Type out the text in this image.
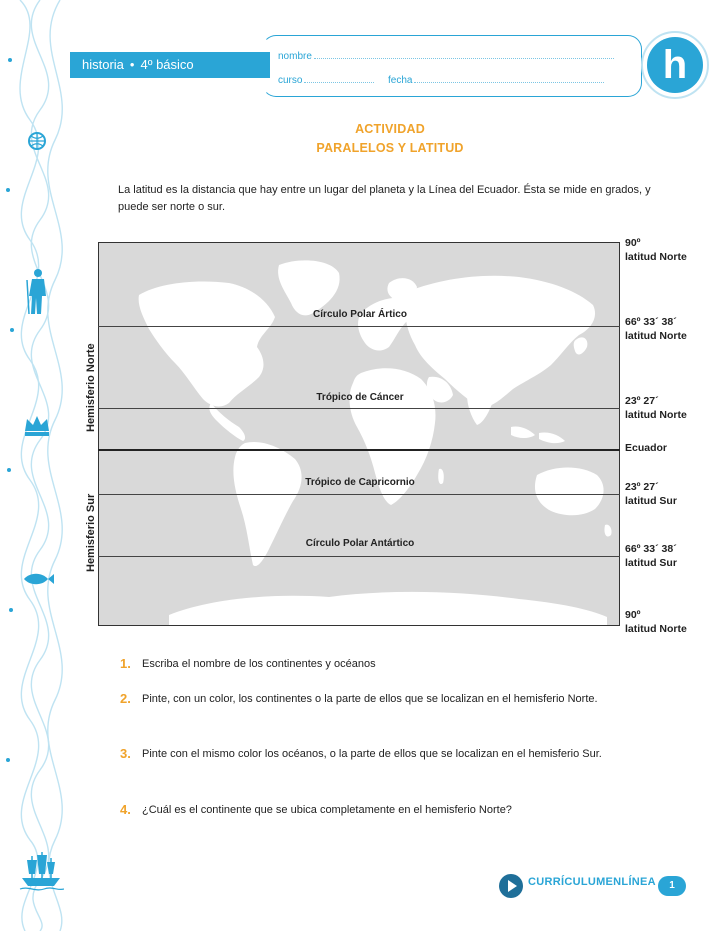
historia • 4º básico
nombre
curso	fecha	h
ACTIVIDAD
PARALELOS Y LATITUD
La latitud es la distancia que hay entre un lugar del planeta y la Línea del Ecuador. Ésta se mide en grados, y puede ser norte o sur.
Círculo Polar Ártico
Trópico de Cáncer
Trópico de Capricornio
Círculo Polar Antártico
90º
latitud Norte
66º 33´ 38´
latitud Norte
23º 27´
latitud Norte
Ecuador
23º 27´
latitud Sur
66º 33´ 38´
latitud Sur
90º
latitud Norte
Hemisferio Norte
Hemisferio Sur
1.	Escriba el nombre de los continentes y océanos
2.	Pinte, con un color, los continentes o la parte de ellos que se localizan en el hemisferio Norte.
3.	Pinte con el mismo color los océanos, o la parte de ellos que se localizan en el hemisferio Sur.
4.	¿Cuál es el continente que se ubica completamente en el hemisferio Norte?
CURRÍCULUMENLÍNEA	1
